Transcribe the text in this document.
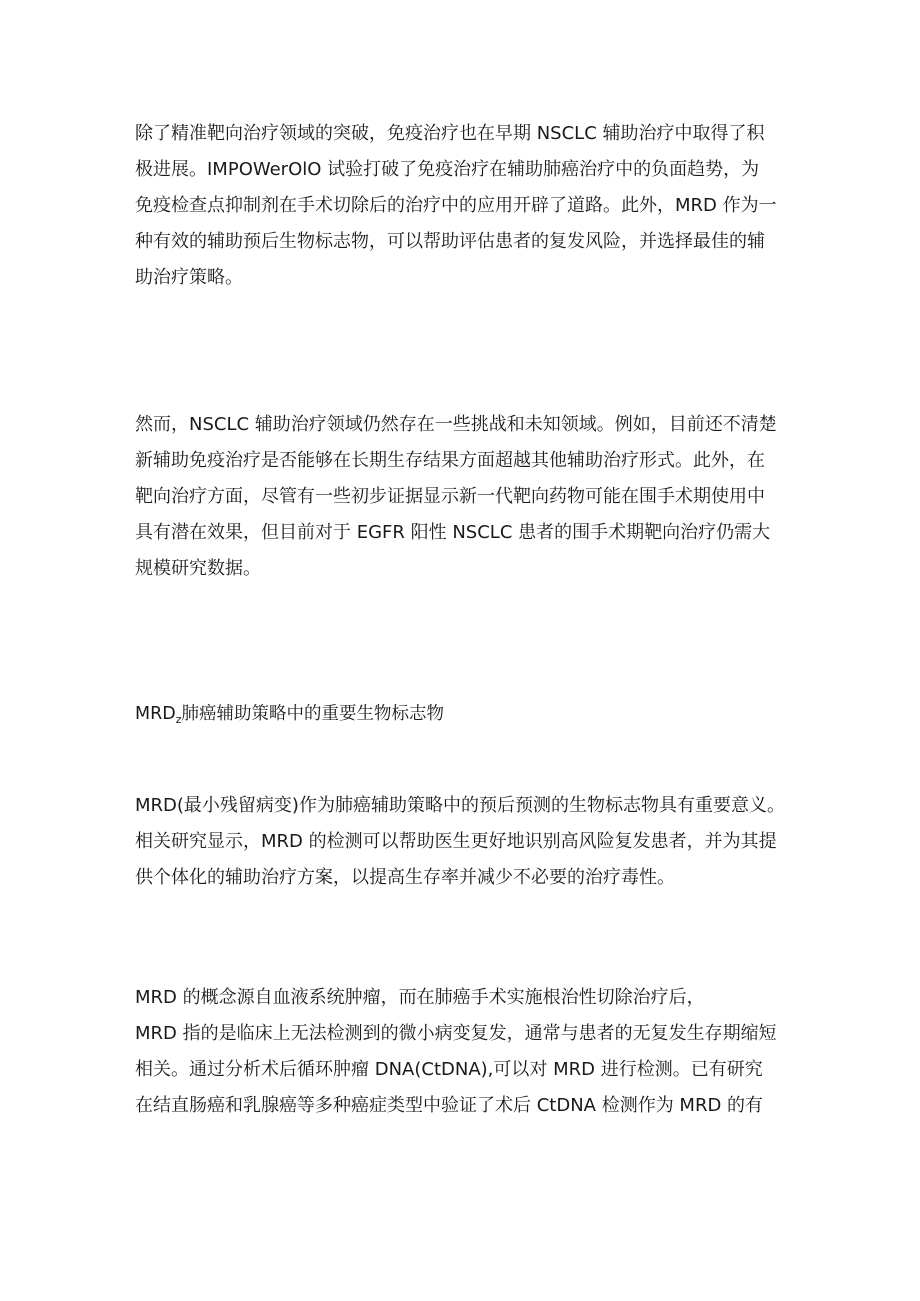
除了精准靶向治疗领域的突破，免疫治疗也在早期 NSCLC 辅助治疗中取得了积
极进展。IMPOWerOlO 试验打破了免疫治疗在辅助肺癌治疗中的负面趋势，为
免疫检查点抑制剂在手术切除后的治疗中的应用开辟了道路。此外，MRD 作为一
种有效的辅助预后生物标志物，可以帮助评估患者的复发风险，并选择最佳的辅
助治疗策略。
然而，NSCLC 辅助治疗领域仍然存在一些挑战和未知领域。例如，目前还不清楚
新辅助免疫治疗是否能够在长期生存结果方面超越其他辅助治疗形式。此外，在
靶向治疗方面，尽管有一些初步证据显示新一代靶向药物可能在围手术期使用中
具有潜在效果，但目前对于 EGFR 阳性 NSCLC 患者的围手术期靶向治疗仍需大
规模研究数据。
$MRD_z$肺癌辅助策略中的重要生物标志物
MRD(最小残留病变)作为肺癌辅助策略中的预后预测的生物标志物具有重要意义。
相关研究显示，MRD 的检测可以帮助医生更好地识别高风险复发患者，并为其提
供个体化的辅助治疗方案，以提高生存率并减少不必要的治疗毒性。
MRD 的概念源自血液系统肿瘤，而在肺癌手术实施根治性切除治疗后，
MRD 指的是临床上无法检测到的微小病变复发，通常与患者的无复发生存期缩短
相关。通过分析术后循环肿瘤 DNA(CtDNA),可以对 MRD 进行检测。已有研究
在结直肠癌和乳腺癌等多种癌症类型中验证了术后 CtDNA 检测作为 MRD 的有
